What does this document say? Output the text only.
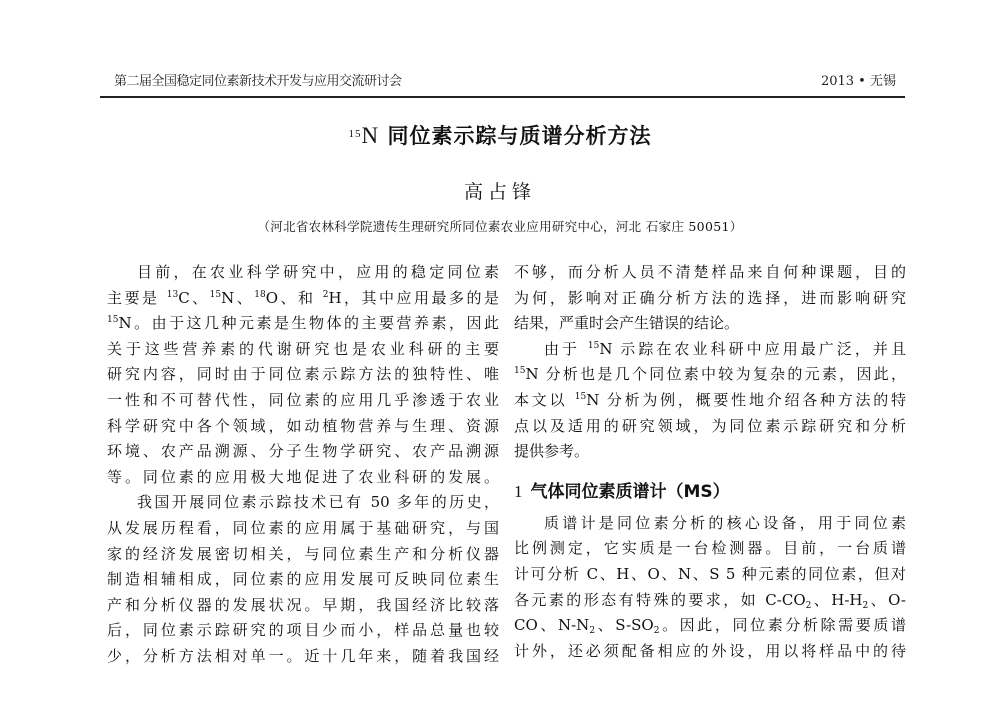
第二届全国稳定同位素新技术开发与应用交流研讨会	2013 • 无锡
$^{15}$N 同位素示踪与质谱分析方法
高占锋
（河北省农林科学院遗传生理研究所同位素农业应用研究中心，河北 石家庄 50051）

目前，在农业科学研究中，应用的稳定同位素
主要是 $^{13}$C、$^{15}$N、$^{18}$O、和 $^2$H，其中应用最多的是
$^{15}$N。由于这几种元素是生物体的主要营养素，因此
关于这些营养素的代谢研究也是农业科研的主要
研究内容，同时由于同位素示踪方法的独特性、唯
一性和不可替代性，同位素的应用几乎渗透于农业
科学研究中各个领域，如动植物营养与生理、资源
环境、农产品溯源、分子生物学研究、农产品溯源
等。同位素的应用极大地促进了农业科研的发展。

我国开展同位素示踪技术已有 50 多年的历史，
从发展历程看，同位素的应用属于基础研究，与国
家的经济发展密切相关，与同位素生产和分析仪器
制造相辅相成，同位素的应用发展可反映同位素生
产和分析仪器的发展状况。早期，我国经济比较落
后，同位素示踪研究的项目少而小，样品总量也较
少，分析方法相对单一。近十几年来，随着我国经

不够，而分析人员不清楚样品来自何种课题，目的
为何，影响对正确分析方法的选择，进而影响研究
结果，严重时会产生错误的结论。

由于 $^{15}$N 示踪在农业科研中应用最广泛，并且
$^{15}$N 分析也是几个同位素中较为复杂的元素，因此，
本文以 $^{15}$N 分析为例，概要性地介绍各种方法的特
点以及适用的研究领域，为同位素示踪研究和分析
提供参考。

1 气体同位素质谱计（MS）

质谱计是同位素分析的核心设备，用于同位素
比例测定，它实质是一台检测器。目前，一台质谱
计可分析 C、H、O、N、S 5 种元素的同位素，但对
各元素的形态有特殊的要求，如 $C-CO_2$、$H-H_2$、O-
CO、$N-N_2$、$S-SO_2$。因此，同位素分析除需要质谱
计外，还必须配备相应的外设，用以将样品中的待
